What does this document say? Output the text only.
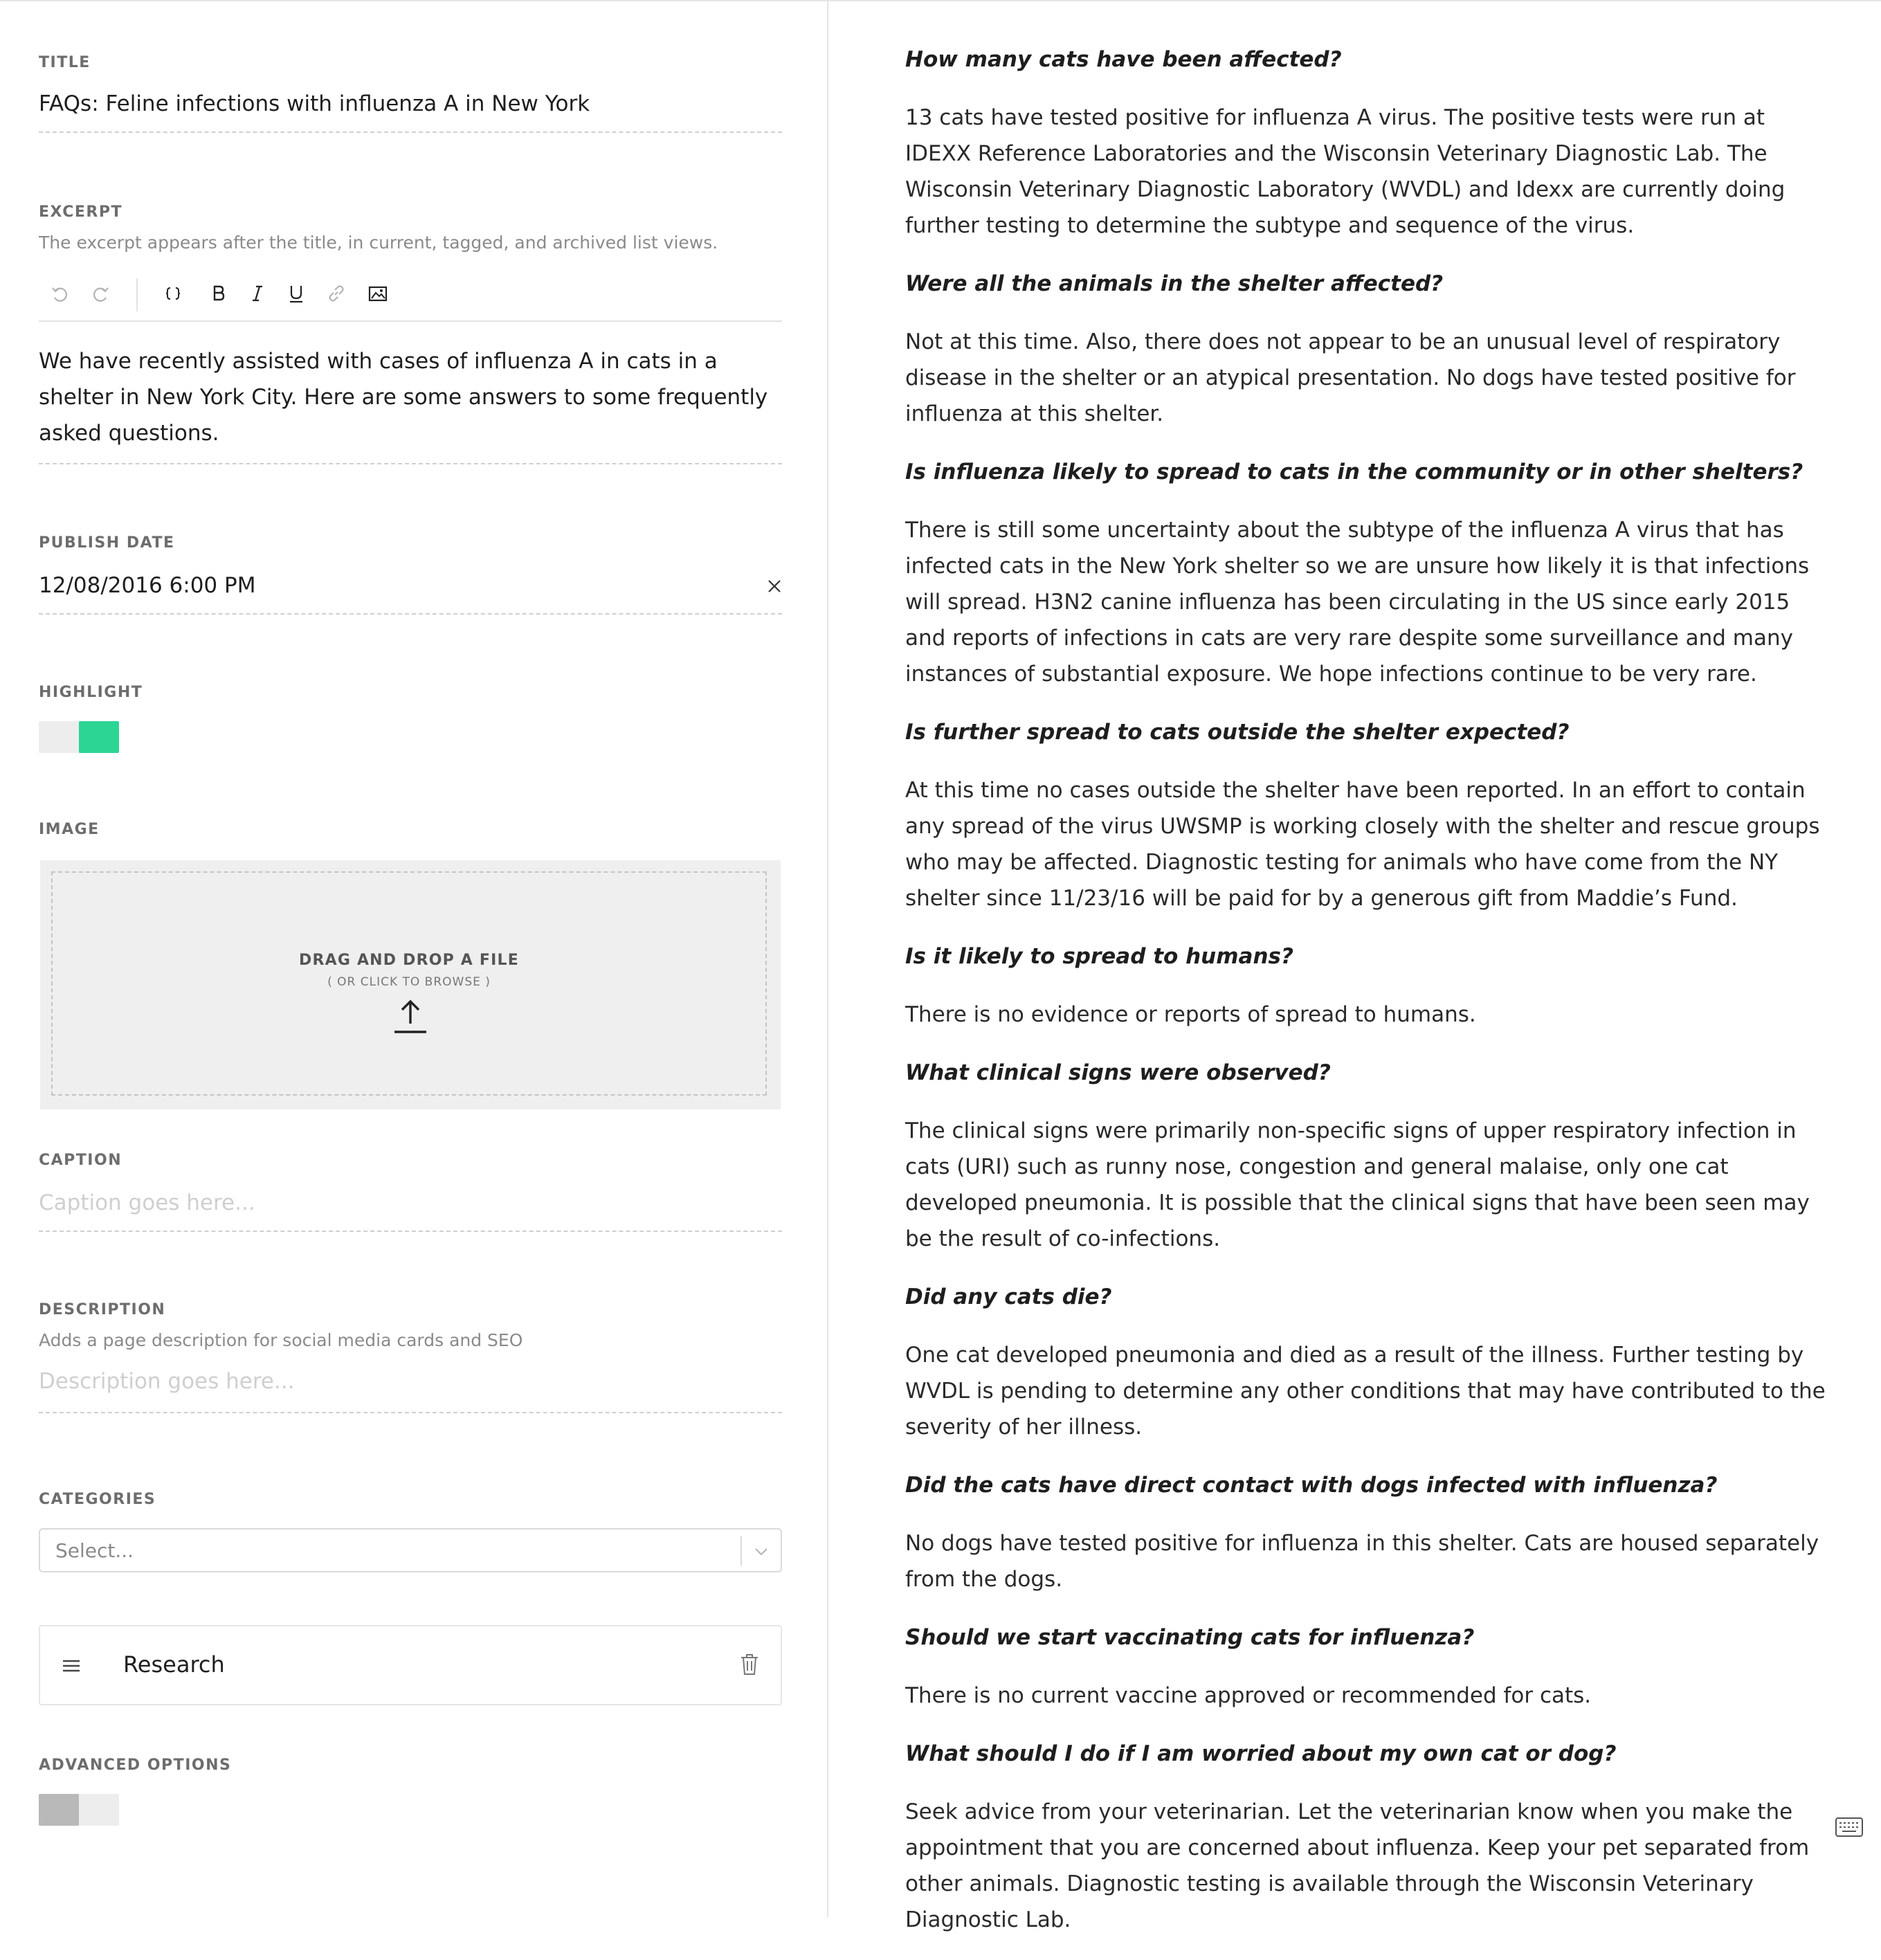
TITLE
FAQs: Feline infections with influenza A in New York
EXCERPT
The excerpt appears after the title, in current, tagged, and archived list views.
We have recently assisted with cases of influenza A in cats in a shelter in New York City. Here are some answers to some frequently asked questions.
PUBLISH DATE
12/08/2016 6:00 PM
HIGHLIGHT
IMAGE
DRAG AND DROP A FILE
( OR CLICK TO BROWSE )
CAPTION
Caption goes here...
DESCRIPTION
Adds a page description for social media cards and SEO
Description goes here...
CATEGORIES
Select...
Research
ADVANCED OPTIONS

How many cats have been affected?

13 cats have tested positive for influenza A virus. The positive tests were run at IDEXX Reference Laboratories and the Wisconsin Veterinary Diagnostic Lab. The Wisconsin Veterinary Diagnostic Laboratory (WVDL) and Idexx are currently doing further testing to determine the subtype and sequence of the virus.

Were all the animals in the shelter affected?

Not at this time. Also, there does not appear to be an unusual level of respiratory disease in the shelter or an atypical presentation. No dogs have tested positive for influenza at this shelter.

Is influenza likely to spread to cats in the community or in other shelters?

There is still some uncertainty about the subtype of the influenza A virus that has infected cats in the New York shelter so we are unsure how likely it is that infections will spread. H3N2 canine influenza has been circulating in the US since early 2015 and reports of infections in cats are very rare despite some surveillance and many instances of substantial exposure. We hope infections continue to be very rare.

Is further spread to cats outside the shelter expected?

At this time no cases outside the shelter have been reported. In an effort to contain any spread of the virus UWSMP is working closely with the shelter and rescue groups who may be affected. Diagnostic testing for animals who have come from the NY shelter since 11/23/16 will be paid for by a generous gift from Maddie’s Fund.

Is it likely to spread to humans?

There is no evidence or reports of spread to humans.

What clinical signs were observed?

The clinical signs were primarily non-specific signs of upper respiratory infection in cats (URI) such as runny nose, congestion and general malaise, only one cat developed pneumonia. It is possible that the clinical signs that have been seen may be the result of co-infections.

Did any cats die?

One cat developed pneumonia and died as a result of the illness. Further testing by WVDL is pending to determine any other conditions that may have contributed to the severity of her illness.

Did the cats have direct contact with dogs infected with influenza?

No dogs have tested positive for influenza in this shelter. Cats are housed separately from the dogs.

Should we start vaccinating cats for influenza?

There is no current vaccine approved or recommended for cats.

What should I do if I am worried about my own cat or dog?

Seek advice from your veterinarian. Let the veterinarian know when you make the appointment that you are concerned about influenza. Keep your pet separated from other animals. Diagnostic testing is available through the Wisconsin Veterinary Diagnostic Lab.
